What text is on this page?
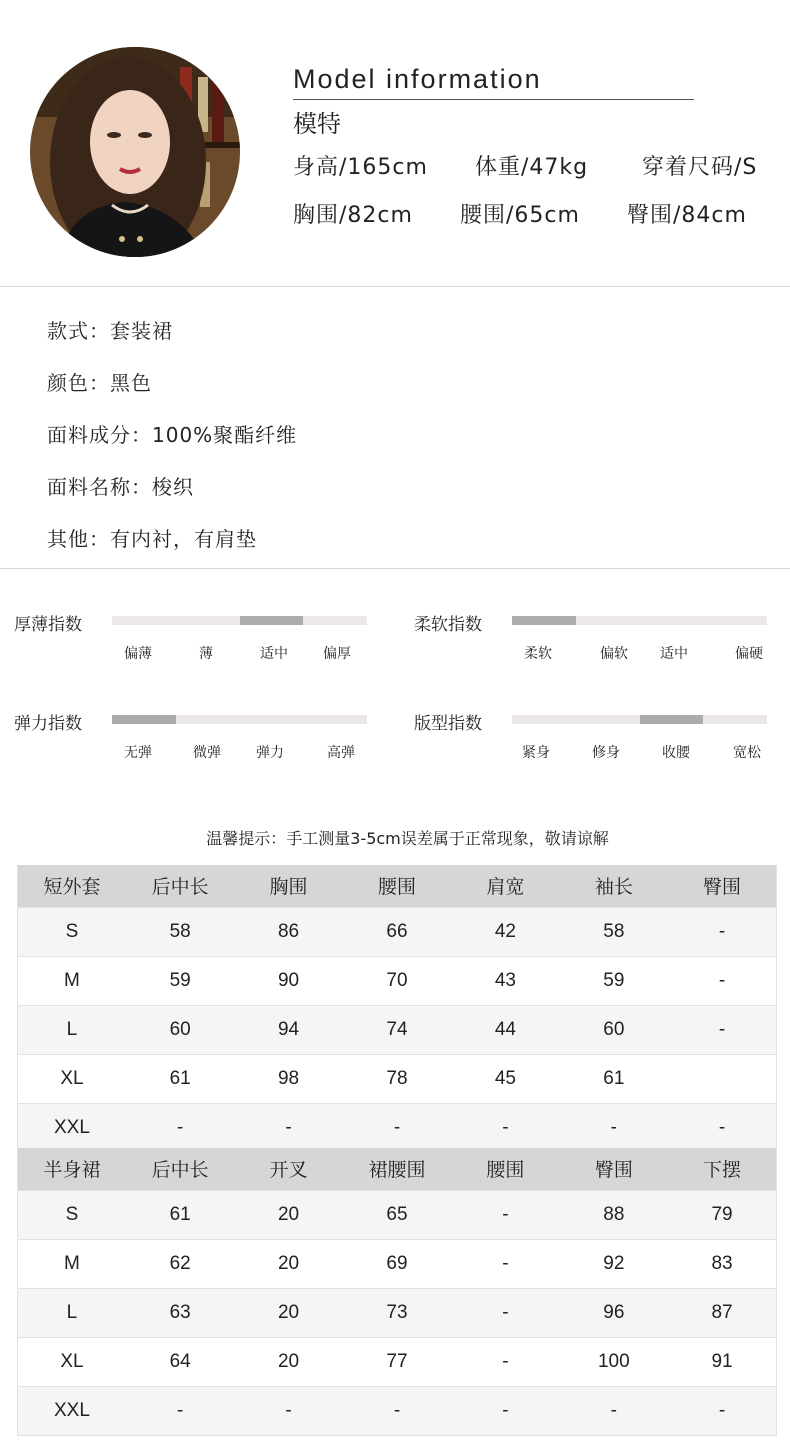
Model information
模特
身高/165cm 体重/47kg 穿着尺码/S
胸围/82cm 腰围/65cm 臀围/84cm
款式：套装裙
颜色：黑色
面料成分：100%聚酯纤维
面料名称：梭织
其他：有内衬，有肩垫
厚薄指数
偏薄	薄	适中	偏厚
柔软指数
柔软	偏软 适中	偏硬
弹力指数
无弹	微弹	弹力	高弹
版型指数
紧身	修身	收腰	宽松
温馨提示：手工测量3-5cm误差属于正常现象，敬请谅解
短外套	后中长	胸围	腰围	肩宽	袖长	臀围
S	58	86	66	42	58	-
M	59	90	70	43	59	-
L	60	94	74	44	60	-
XL	61	98	78	45	61	
XXL	-	-	-	-	-	-
半身裙	后中长	开叉	裙腰围	腰围	臀围	下摆
S	61	20	65	-	88	79
M	62	20	69	-	92	83
L	63	20	73	-	96	87
XL	64	20	77	-	100	91
XXL	-	-	-	-	-	-
